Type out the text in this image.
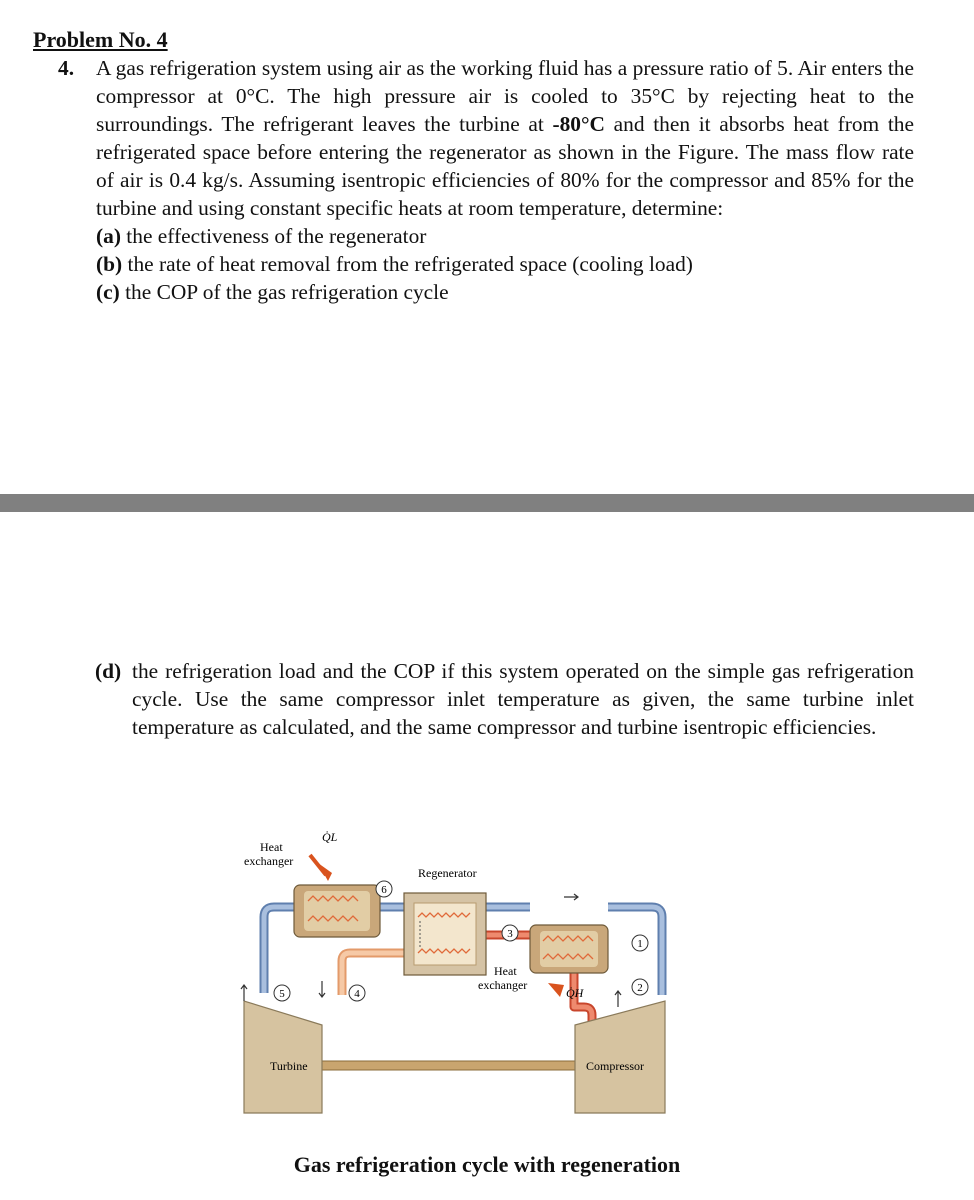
Problem No. 4
4. A gas refrigeration system using air as the working fluid has a pressure ratio of 5. Air enters the compressor at 0°C. The high pressure air is cooled to 35°C by rejecting heat to the surroundings. The refrigerant leaves the turbine at -80°C and then it absorbs heat from the refrigerated space before entering the regenerator as shown in the Figure. The mass flow rate of air is 0.4 kg/s. Assuming isentropic efficiencies of 80% for the compressor and 85% for the turbine and using constant specific heats at room temperature, determine:
(a) the effectiveness of the regenerator
(b) the rate of heat removal from the refrigerated space (cooling load)
(c) the COP of the gas refrigeration cycle
(d) the refrigeration load and the COP if this system operated on the simple gas refrigeration cycle. Use the same compressor inlet temperature as given, the same turbine inlet temperature as calculated, and the same compressor and turbine isentropic efficiencies.
Turbine	Compressor
Regenerator
1
2
3
4
5
6
Heat
exchanger
Q̇L
Heat
exchanger
Q̇H
Gas refrigeration cycle with regeneration
